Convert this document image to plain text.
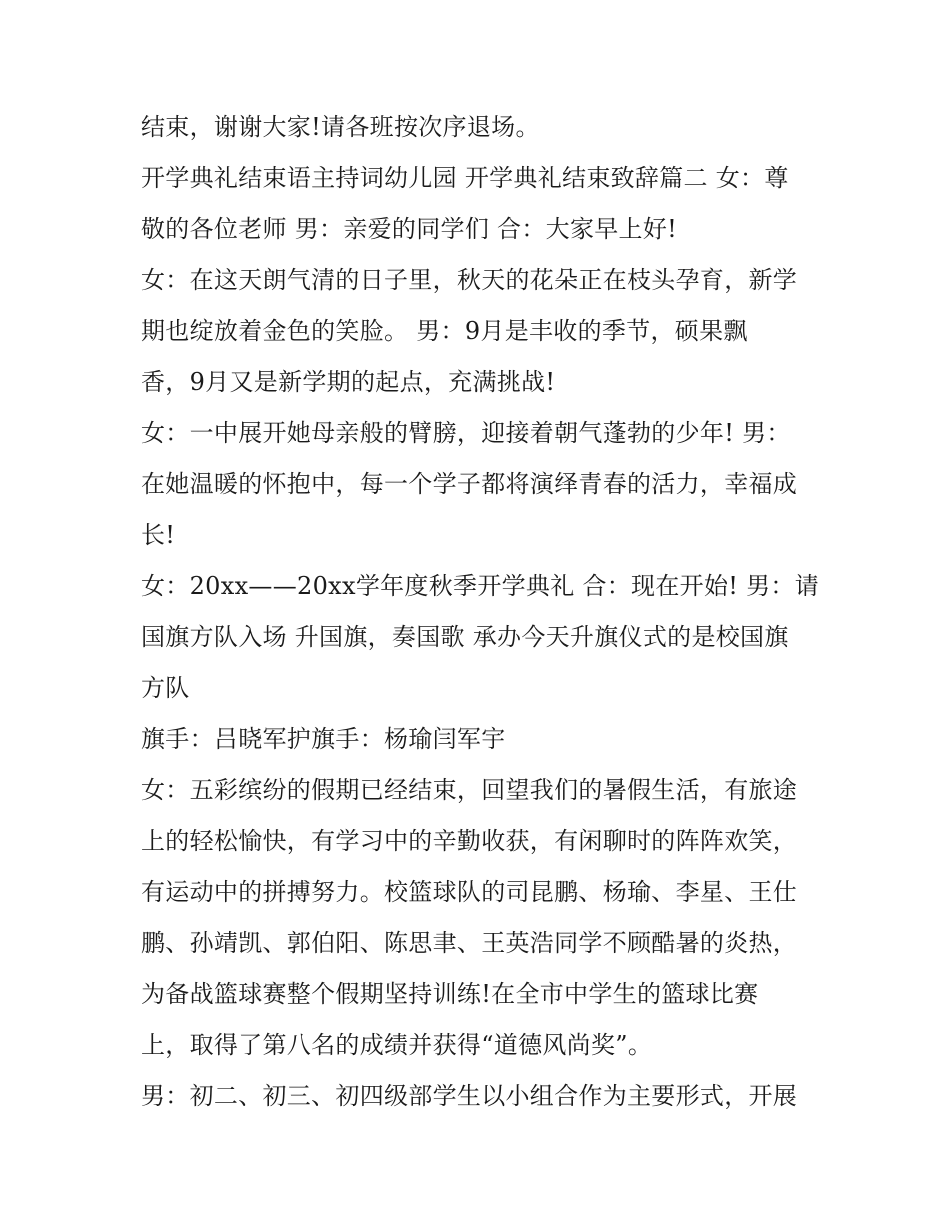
结束，谢谢大家!请各班按次序退场。
开学典礼结束语主持词幼儿园 开学典礼结束致辞篇二 女：尊
敬的各位老师 男：亲爱的同学们 合：大家早上好!
女：在这天朗气清的日子里，秋天的花朵正在枝头孕育，新学
期也绽放着金色的笑脸。 男：9月是丰收的季节，硕果飘
香，9月又是新学期的起点，充满挑战!
女：一中展开她母亲般的臂膀，迎接着朝气蓬勃的少年! 男：
在她温暖的怀抱中，每一个学子都将演绎青春的活力，幸福成
长!
女：20xx——20xx学年度秋季开学典礼 合：现在开始! 男：请
国旗方队入场 升国旗，奏国歌 承办今天升旗仪式的是校国旗
方队
旗手：吕晓军护旗手：杨瑜闫军宇
女：五彩缤纷的假期已经结束，回望我们的暑假生活，有旅途
上的轻松愉快，有学习中的辛勤收获，有闲聊时的阵阵欢笑，
有运动中的拼搏努力。校篮球队的司昆鹏、杨瑜、李星、王仕
鹏、孙靖凯、郭伯阳、陈思聿、王英浩同学不顾酷暑的炎热，
为备战篮球赛整个假期坚持训练!在全市中学生的篮球比赛
上，取得了第八名的成绩并获得“道德风尚奖”。
男：初二、初三、初四级部学生以小组合作为主要形式，开展
